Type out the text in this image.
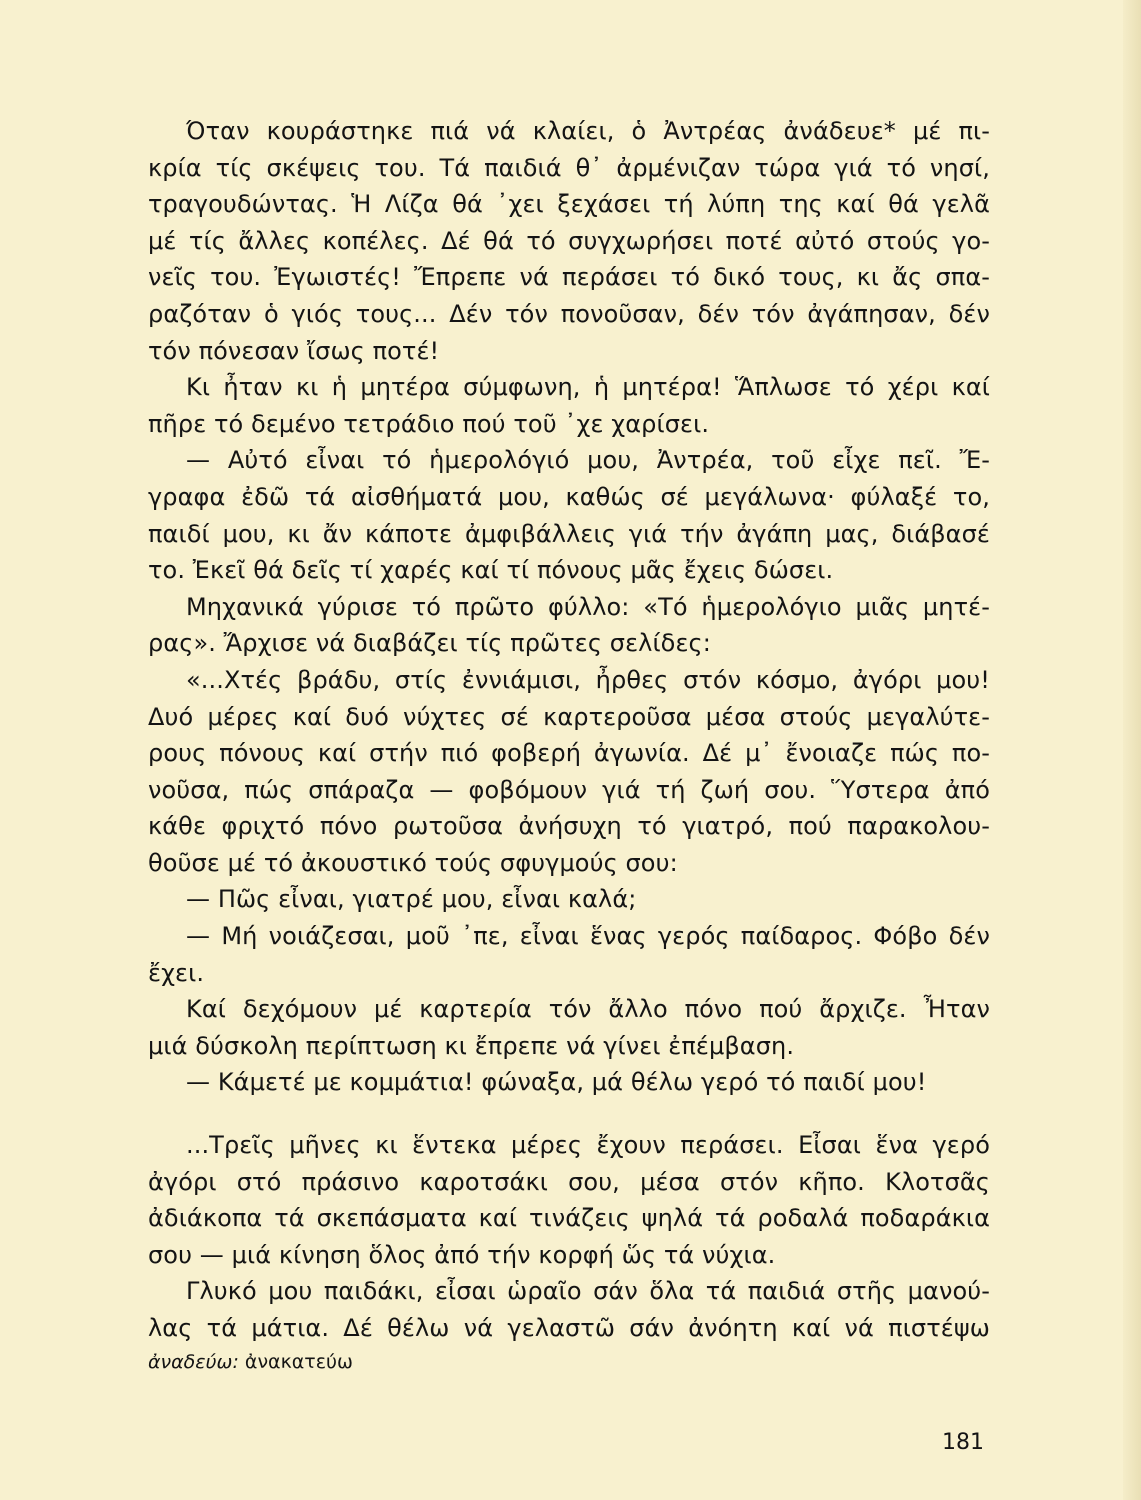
Όταν κουράστηκε πιά νά κλαίει, ὁ Ἀντρέας ἀνάδευε* μέ πι-
κρία τίς σκέψεις του. Τά παιδιά θ᾽ ἀρμένιζαν τώρα γιά τό νησί,
τραγουδώντας. Ἡ Λίζα θά ᾽χει ξεχάσει τή λύπη της καί θά γελᾶ
μέ τίς ἄλλες κοπέλες. Δέ θά τό συγχωρήσει ποτέ αὐτό στούς γο-
νεῖς του. Ἐγωιστές! Ἔπρεπε νά περάσει τό δικό τους, κι ἄς σπα-
ραζόταν ὁ γιός τους... Δέν τόν πονοῦσαν, δέν τόν ἀγάπησαν, δέν
τόν πόνεσαν ἴσως ποτέ!
Κι ἦταν κι ἡ μητέρα σύμφωνη, ἡ μητέρα! Ἅπλωσε τό χέρι καί
πῆρε τό δεμένο τετράδιο πού τοῦ ᾽χε χαρίσει.
— Αὐτό εἶναι τό ἡμερολόγιό μου, Ἀντρέα, τοῦ εἶχε πεῖ. Ἔ-
γραφα ἐδῶ τά αἰσθήματά μου, καθώς σέ μεγάλωνα· φύλαξέ το,
παιδί μου, κι ἄν κάποτε ἀμφιβάλλεις γιά τήν ἀγάπη μας, διάβασέ
το. Ἐκεῖ θά δεῖς τί χαρές καί τί πόνους μᾶς ἔχεις δώσει.
Μηχανικά γύρισε τό πρῶτο φύλλο: «Τό ἡμερολόγιο μιᾶς μητέ-
ρας». Ἄρχισε νά διαβάζει τίς πρῶτες σελίδες:
«...Χτές βράδυ, στίς ἐννιάμισι, ἦρθες στόν κόσμο, ἀγόρι μου!
Δυό μέρες καί δυό νύχτες σέ καρτεροῦσα μέσα στούς μεγαλύτε-
ρους πόνους καί στήν πιό φοβερή ἀγωνία. Δέ μ᾽ ἔνοιαζε πώς πο-
νοῦσα, πώς σπάραζα — φοβόμουν γιά τή ζωή σου. Ὕστερα ἀπό
κάθε φριχτό πόνο ρωτοῦσα ἀνήσυχη τό γιατρό, πού παρακολου-
θοῦσε μέ τό ἀκουστικό τούς σφυγμούς σου:
— Πῶς εἶναι, γιατρέ μου, εἶναι καλά;
— Μή νοιάζεσαι, μοῦ ᾽πε, εἶναι ἕνας γερός παίδαρος. Φόβο δέν
ἔχει.
Καί δεχόμουν μέ καρτερία τόν ἄλλο πόνο πού ἄρχιζε. Ἦταν
μιά δύσκολη περίπτωση κι ἔπρεπε νά γίνει ἐπέμβαση.
— Κάμετέ με κομμάτια! φώναξα, μά θέλω γερό τό παιδί μου!
...Τρεῖς μῆνες κι ἕντεκα μέρες ἔχουν περάσει. Εἶσαι ἕνα γερό
ἀγόρι στό πράσινο καροτσάκι σου, μέσα στόν κῆπο. Κλοτσᾶς
ἀδιάκοπα τά σκεπάσματα καί τινάζεις ψηλά τά ροδαλά ποδαράκια
σου — μιά κίνηση ὅλος ἀπό τήν κορφή ὥς τά νύχια.
Γλυκό μου παιδάκι, εἶσαι ὡραῖο σάν ὅλα τά παιδιά στῆς μανού-
λας τά μάτια. Δέ θέλω νά γελαστῶ σάν ἀνόητη καί νά πιστέψω
ἀναδεύω: ἀνακατεύω
181
